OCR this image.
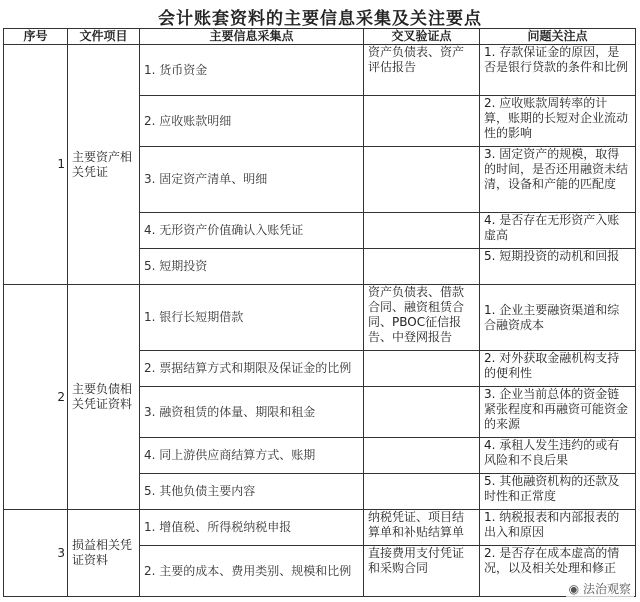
会计账套资料的主要信息采集及关注要点
序号	文件项目	主要信息采集点	交叉验证点	问题关注点
1	主要资产相关凭证	1. 货币资金	资产负债表、资产评估报告	1. 存款保证金的原因，是否是银行贷款的条件和比例
		2. 应收账款明细		2. 应收账款周转率的计算，账期的长短对企业流动性的影响
		3. 固定资产清单、明细		3. 固定资产的规模，取得的时间，是否还用融资未结清，设备和产能的匹配度
		4. 无形资产价值确认入账凭证		4. 是否存在无形资产入账虚高
		5. 短期投资		5. 短期投资的动机和回报
2	主要负债相关凭证资料	1. 银行长短期借款	资产负债表、借款合同、融资租赁合同、PBOC征信报告、中登网报告	1. 企业主要融资渠道和综合融资成本
		2. 票据结算方式和期限及保证金的比例		2. 对外获取金融机构支持的便利性
		3. 融资租赁的体量、期限和租金		3. 企业当前总体的资金链紧张程度和再融资可能资金的来源
		4. 同上游供应商结算方式、账期		4. 承租人发生违约的或有风险和不良后果
		5. 其他负债主要内容		5. 其他融资机构的还款及时性和正常度
3	损益相关凭证资料	1. 增值税、所得税纳税申报	纳税凭证、项目结算单和补贴结算单	1. 纳税报表和内部报表的出入和原因
		2. 主要的成本、费用类别、规模和比例	直接费用支付凭证和采购合同	2. 是否存在成本虚高的情况，以及相关处理和修正
◉ 法治观察
